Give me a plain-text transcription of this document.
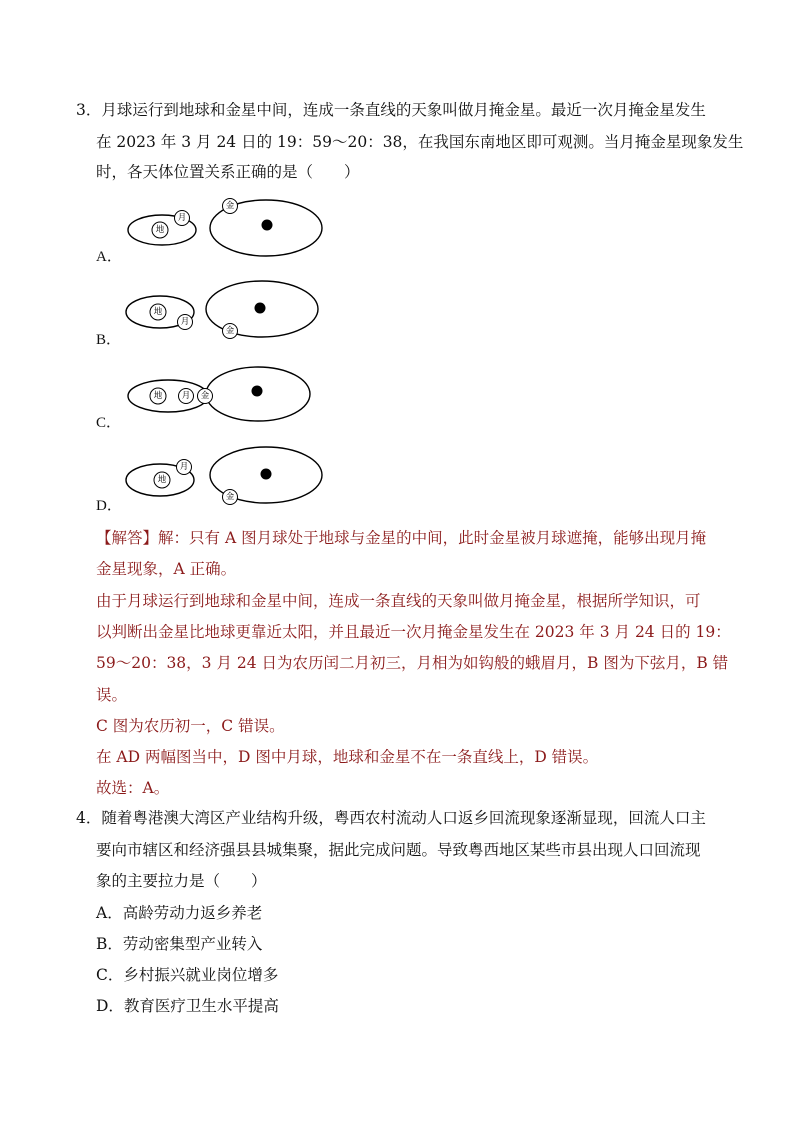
3．月球运行到地球和金星中间，连成一条直线的天象叫做月掩金星。最近一次月掩金星发生
在 2023 年 3 月 24 日的 19：59～20：38，在我国东南地区即可观测。当月掩金星现象发生
时，各天体位置关系正确的是（　　）
A．
地
月
金
B．
地
月
金
C．
地 月 金
D．
地
月
金
【解答】解：只有 A 图月球处于地球与金星的中间，此时金星被月球遮掩，能够出现月掩
金星现象，A 正确。
由于月球运行到地球和金星中间，连成一条直线的天象叫做月掩金星，根据所学知识，可
以判断出金星比地球更靠近太阳，并且最近一次月掩金星发生在 2023 年 3 月 24 日的 19：
59～20：38，3 月 24 日为农历闰二月初三，月相为如钩般的蛾眉月，B 图为下弦月，B 错
误。
C 图为农历初一，C 错误。
在 AD 两幅图当中，D 图中月球，地球和金星不在一条直线上，D 错误。
故选：A。
4．随着粤港澳大湾区产业结构升级，粤西农村流动人口返乡回流现象逐渐显现，回流人口主
要向市辖区和经济强县县城集聚，据此完成问题。导致粤西地区某些市县出现人口回流现
象的主要拉力是（　　）
A．高龄劳动力返乡养老
B．劳动密集型产业转入
C．乡村振兴就业岗位增多
D．教育医疗卫生水平提高
